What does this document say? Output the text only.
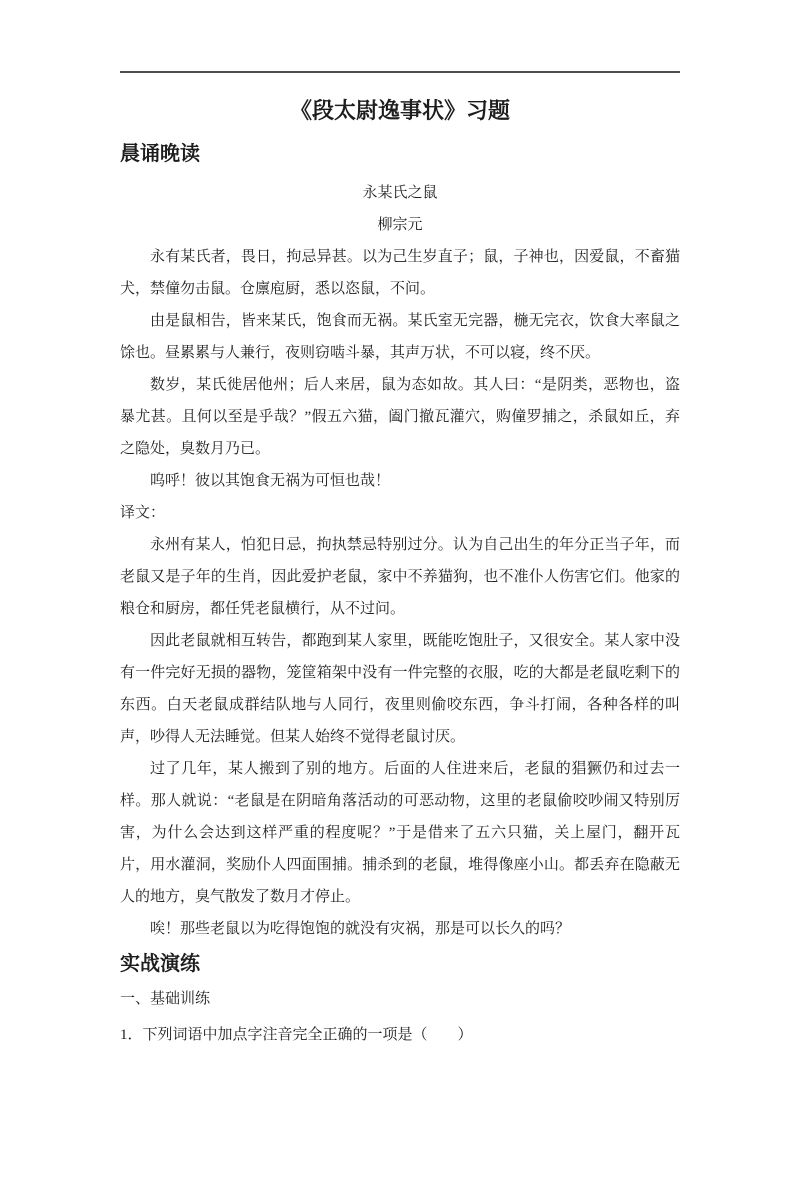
《段太尉逸事状》习题
晨诵晚读

永某氏之鼠

柳宗元

永有某氏者，畏日，拘忌异甚。以为己生岁直子；鼠，子神也，因爱鼠，不畜猫犬，禁僮勿击鼠。仓廪庖厨，悉以恣鼠，不问。

由是鼠相告，皆来某氏，饱食而无祸。某氏室无完器，椸无完衣，饮食大率鼠之馀也。昼累累与人兼行，夜则窃啮斗暴，其声万状，不可以寝，终不厌。

数岁，某氏徙居他州；后人来居，鼠为态如故。其人曰：“是阴类，恶物也，盗暴尤甚。且何以至是乎哉？”假五六猫，阖门撤瓦灌穴，购僮罗捕之，杀鼠如丘，弃之隐处，臭数月乃已。

呜呼！彼以其饱食无祸为可恒也哉！

译文：

永州有某人，怕犯日忌，拘执禁忌特别过分。认为自己出生的年分正当子年，而老鼠又是子年的生肖，因此爱护老鼠，家中不养猫狗，也不准仆人伤害它们。他家的粮仓和厨房，都任凭老鼠横行，从不过问。

因此老鼠就相互转告，都跑到某人家里，既能吃饱肚子，又很安全。某人家中没有一件完好无损的器物，笼筐箱架中没有一件完整的衣服，吃的大都是老鼠吃剩下的东西。白天老鼠成群结队地与人同行，夜里则偷咬东西，争斗打闹，各种各样的叫声，吵得人无法睡觉。但某人始终不觉得老鼠讨厌。

过了几年，某人搬到了别的地方。后面的人住进来后，老鼠的猖獗仍和过去一样。那人就说：“老鼠是在阴暗角落活动的可恶动物，这里的老鼠偷咬吵闹又特别厉害，为什么会达到这样严重的程度呢？”于是借来了五六只猫，关上屋门，翻开瓦片，用水灌洞，奖励仆人四面围捕。捕杀到的老鼠，堆得像座小山。都丢弃在隐蔽无人的地方，臭气散发了数月才停止。

唉！那些老鼠以为吃得饱饱的就没有灾祸，那是可以长久的吗？

实战演练

一、基础训练

1．下列词语中加点字注音完全正确的一项是（　　）
